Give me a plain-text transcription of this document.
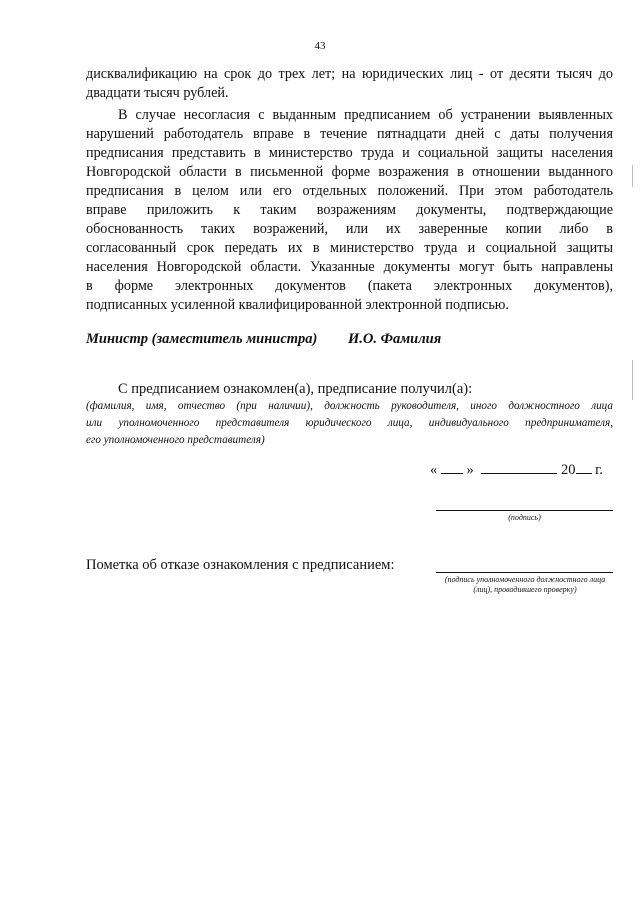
43
дисквалификацию на срок до трех лет; на юридических лиц - от десяти тысяч до
двадцати тысяч рублей.
В случае несогласия с выданным предписанием об устранении выявленных
нарушений работодатель вправе в течение пятнадцати дней с даты получения
предписания представить в министерство труда и социальной защиты населения
Новгородской области в письменной форме возражения в отношении выданного
предписания в целом или его отдельных положений. При этом работодатель
вправе приложить к таким возражениям документы, подтверждающие
обоснованность таких возражений, или их заверенные копии либо в
согласованный срок передать их в министерство труда и социальной защиты
населения Новгородской области. Указанные документы могут быть направлены
в форме электронных документов (пакета электронных документов),
подписанных усиленной квалифицированной электронной подписью.
Министр (заместитель министра) И.О. Фамилия
С предписанием ознакомлен(а), предписание получил(а):
(фамилия, имя, отчество (при наличии), должность руководителя, иного должностного лица
или уполномоченного представителя юридического лица, индивидуального предпринимателя,
его уполномоченного представителя)
« »	20 г.
(подпись)
Пометка об отказе ознакомления с предписанием:
(подпись уполномоченного должностного лица
(лиц), проводившего проверку)
